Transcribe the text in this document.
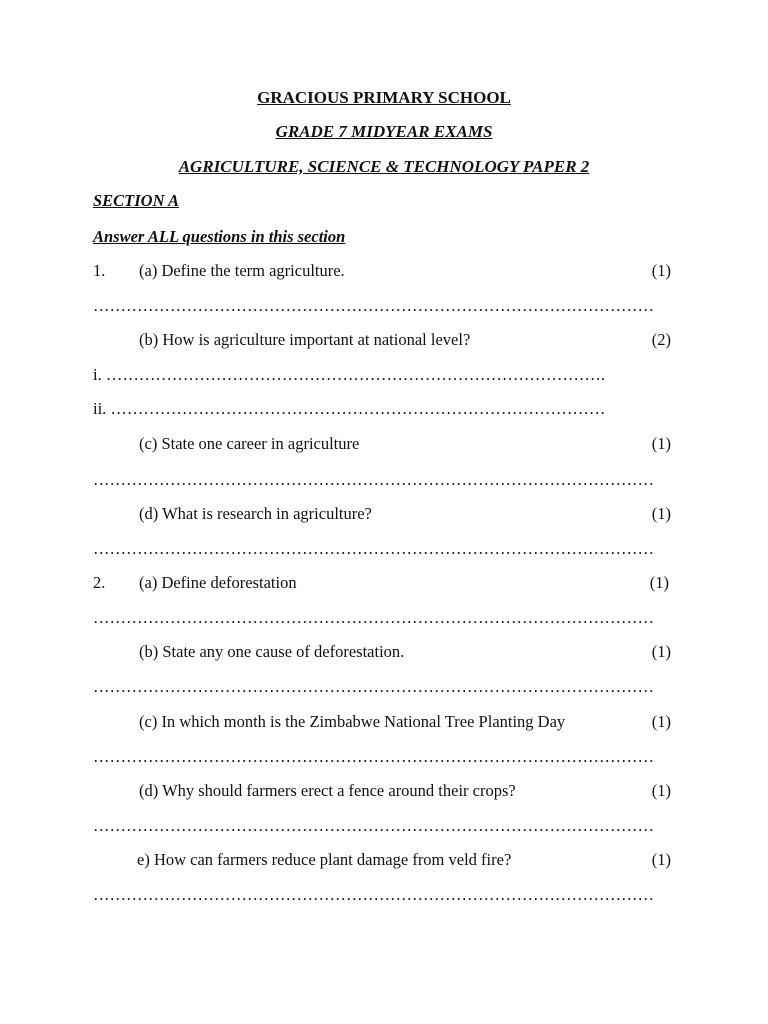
GRACIOUS PRIMARY SCHOOL
GRADE 7 MIDYEAR EXAMS
AGRICULTURE, SCIENCE & TECHNOLOGY PAPER 2
SECTION A
Answer ALL questions in this section
1. (a) Define the term agriculture.	(1)
…………………………………………………………………………………………
(b) How is agriculture important at national level?	(2)
i. ……………………………………………………………………………….
ii. ………………………………………………………………………………
(c) State one career in agriculture	(1)
…………………………………………………………………………………………
(d) What is research in agriculture?	(1)
…………………………………………………………………………………………
2. (a) Define deforestation	(1)
…………………………………………………………………………………………
(b) State any one cause of deforestation.	(1)
…………………………………………………………………………………………
(c) In which month is the Zimbabwe National Tree Planting Day	(1)
…………………………………………………………………………………………
(d) Why should farmers erect a fence around their crops?	(1)
…………………………………………………………………………………………
e) How can farmers reduce plant damage from veld fire?	(1)
…………………………………………………………………………………………
